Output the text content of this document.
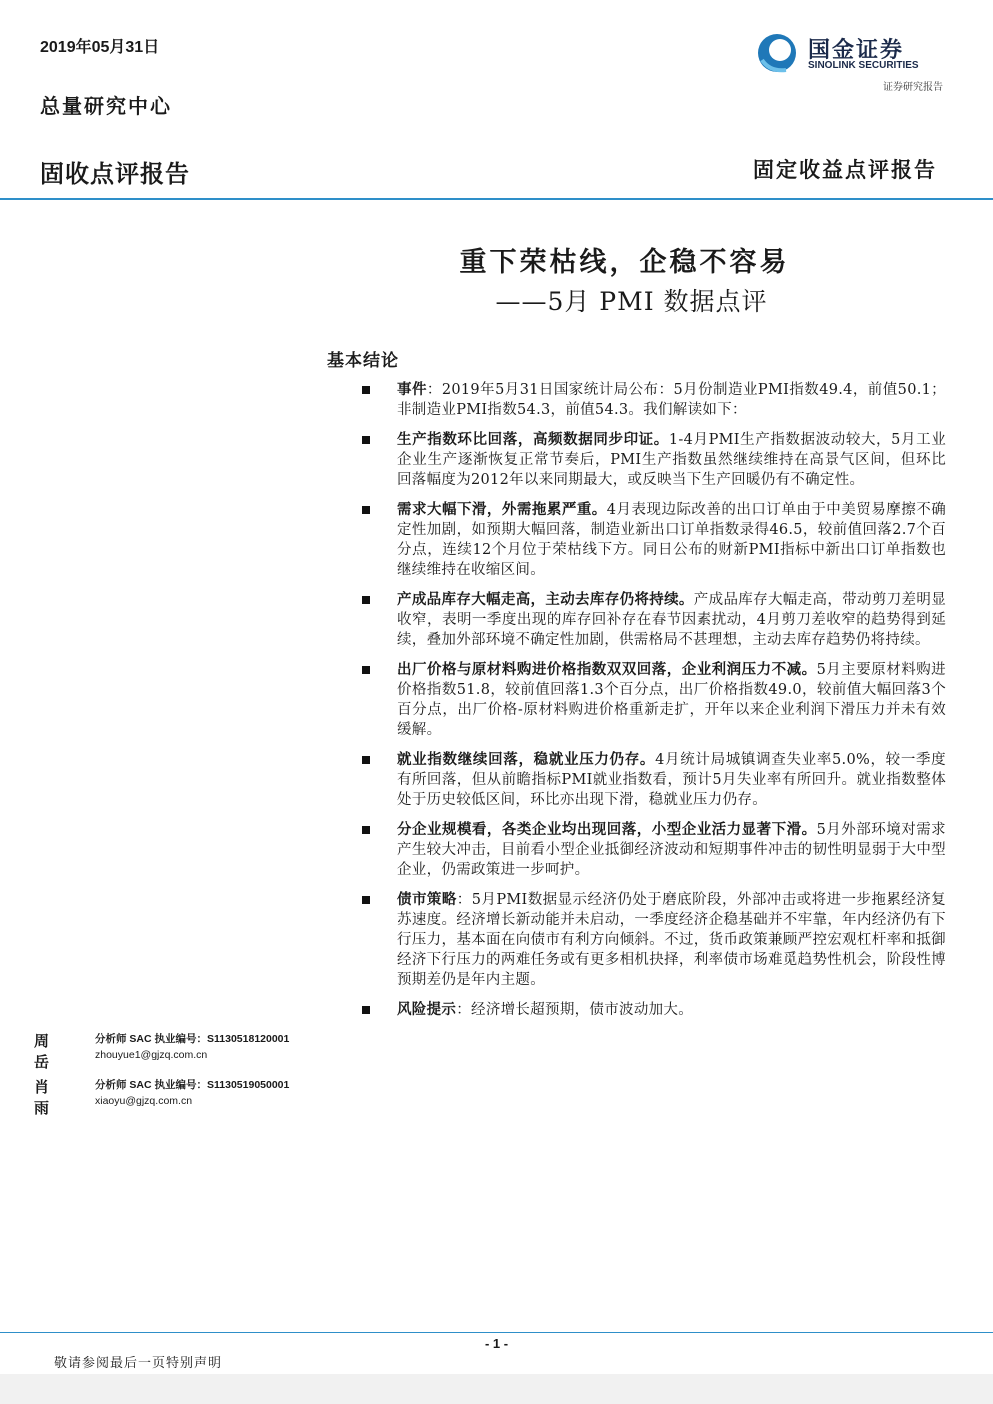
2019年05月31日
总量研究中心
国金证券
SINOLINK SECURITIES
证券研究报告
固收点评报告	固定收益点评报告
重下荣枯线，企稳不容易
——5月 PMI 数据点评
基本结论
事件：2019年5月31日国家统计局公布：5月份制造业PMI指数49.4，前值50.1；非制造业PMI指数54.3，前值54.3。我们解读如下：
生产指数环比回落，高频数据同步印证。1-4月PMI生产指数据波动较大，5月工业企业生产逐渐恢复正常节奏后，PMI生产指数虽然继续维持在高景气区间，但环比回落幅度为2012年以来同期最大，或反映当下生产回暖仍有不确定性。
需求大幅下滑，外需拖累严重。4月表现边际改善的出口订单由于中美贸易摩擦不确定性加剧，如预期大幅回落，制造业新出口订单指数录得46.5，较前值回落2.7个百分点，连续12个月位于荣枯线下方。同日公布的财新PMI指标中新出口订单指数也继续维持在收缩区间。
产成品库存大幅走高，主动去库存仍将持续。产成品库存大幅走高，带动剪刀差明显收窄，表明一季度出现的库存回补存在春节因素扰动，4月剪刀差收窄的趋势得到延续，叠加外部环境不确定性加剧，供需格局不甚理想，主动去库存趋势仍将持续。
出厂价格与原材料购进价格指数双双回落，企业利润压力不减。5月主要原材料购进价格指数51.8，较前值回落1.3个百分点，出厂价格指数49.0，较前值大幅回落3个百分点，出厂价格-原材料购进价格重新走扩，开年以来企业利润下滑压力并未有效缓解。
就业指数继续回落，稳就业压力仍存。4月统计局城镇调查失业率5.0%，较一季度有所回落，但从前瞻指标PMI就业指数看，预计5月失业率有所回升。就业指数整体处于历史较低区间，环比亦出现下滑，稳就业压力仍存。
分企业规模看，各类企业均出现回落，小型企业活力显著下滑。5月外部环境对需求产生较大冲击，目前看小型企业抵御经济波动和短期事件冲击的韧性明显弱于大中型企业，仍需政策进一步呵护。
债市策略：5月PMI数据显示经济仍处于磨底阶段，外部冲击或将进一步拖累经济复苏速度。经济增长新动能并未启动，一季度经济企稳基础并不牢靠，年内经济仍有下行压力，基本面在向债市有利方向倾斜。不过，货币政策兼顾严控宏观杠杆率和抵御经济下行压力的两难任务或有更多相机抉择，利率债市场难觅趋势性机会，阶段性博预期差仍是年内主题。
风险提示：经济增长超预期，债市波动加大。
周岳
分析师 SAC 执业编号：S1130518120001
zhouyue1@gjzq.com.cn
肖雨
分析师 SAC 执业编号：S1130519050001
xiaoyu@gjzq.com.cn
- 1 -
敬请参阅最后一页特别声明
